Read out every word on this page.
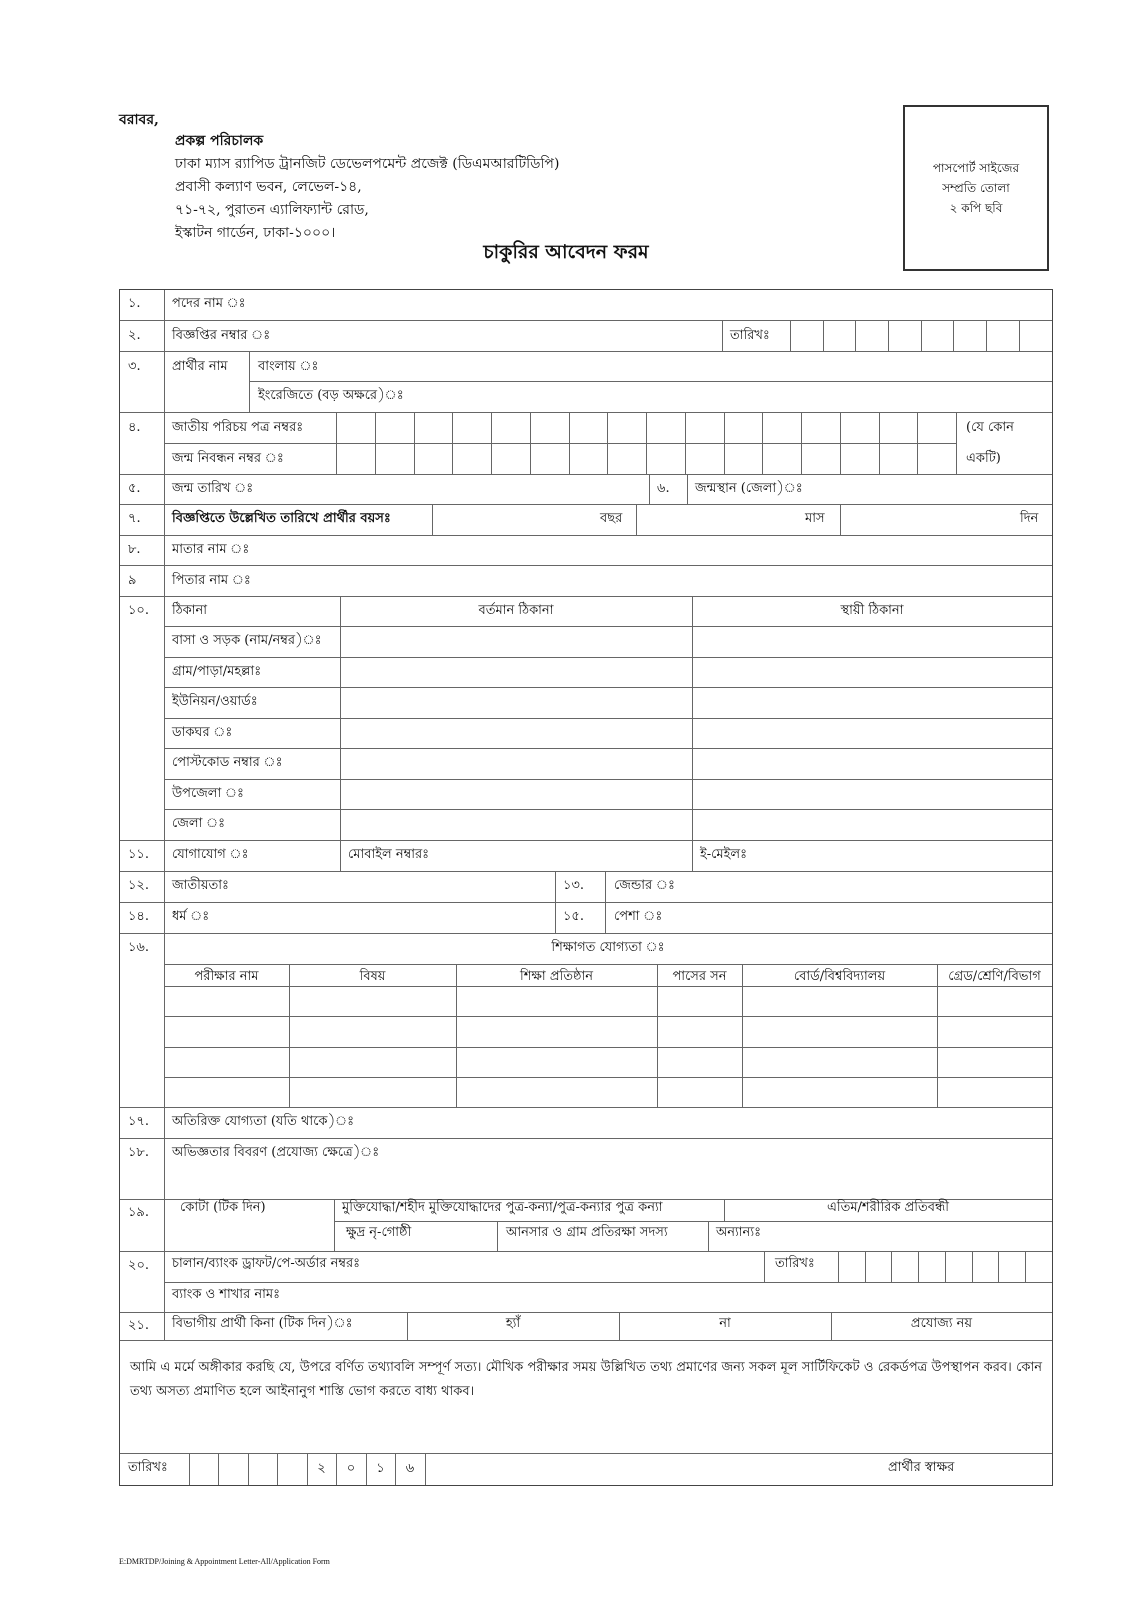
বরাবর,
প্রকল্প পরিচালক
ঢাকা ম্যাস র‍্যাপিড ট্রানজিট ডেভেলপমেন্ট প্রজেক্ট (ডিএমআরটিডিপি)
প্রবাসী কল্যাণ ভবন, লেভেল-১৪,
৭১-৭২, পুরাতন এ্যালিফ্যান্ট রোড,
ইস্কাটন গার্ডেন, ঢাকা-১০০০।
পাসপোর্ট সাইজের
সম্প্রতি তোলা
২ কপি ছবি
চাকুরির আবেদন ফরম
১. পদের নাম ঃ
২. বিজ্ঞপ্তির নম্বার ঃ	তারিখঃ
৩. প্রার্থীর নাম বাংলায় ঃ
ইংরেজিতে (বড় অক্ষরে)ঃ
৪. জাতীয় পরিচয় পত্র নম্বরঃ
জন্ম নিবন্ধন নম্বর ঃ
(যে কোন
একটি)
৫. জন্ম তারিখ ঃ	৬. জন্মস্থান (জেলা)ঃ
৭. বিজ্ঞপ্তিতে উল্লেখিত তারিখে প্রার্থীর বয়সঃ	বছর	মাস	দিন
৮. মাতার নাম ঃ
৯	পিতার নাম ঃ
১০. ঠিকানা	বর্তমান ঠিকানা	স্থায়ী ঠিকানা
বাসা ও সড়ক (নাম/নম্বর)ঃ
গ্রাম/পাড়া/মহল্লাঃ
ইউনিয়ন/ওয়ার্ডঃ
ডাকঘর ঃ
পোস্টকোড নম্বার ঃ
উপজেলা ঃ
জেলা ঃ
১১. যোগাযোগ ঃ	মোবাইল নম্বারঃ	ই-মেইলঃ
১২. জাতীয়তাঃ	১৩. জেন্ডার ঃ
১৪. ধর্ম ঃ	১৫. পেশা ঃ
১৬.	শিক্ষাগত যোগ্যতা ঃ
পরীক্ষার নাম	বিষয়	শিক্ষা প্রতিষ্ঠান	পাসের সন	বোর্ড/বিশ্ববিদ্যালয়	গ্রেড/শ্রেণি/বিভাগ
১৭. অতিরিক্ত যোগ্যতা (যতি থাকে)ঃ
১৮. অভিজ্ঞতার বিবরণ (প্রযোজ্য ক্ষেত্রে)ঃ
১৯. কোটা (টিক দিন)	মুক্তিযোদ্ধা/শহীদ মুক্তিযোদ্ধাদের পুত্র-কন্যা/পুত্র-কন্যার পুত্র কন্যা	এতিম/শরীরিক প্রতিবন্ধী
ক্ষুদ্র নৃ-গোষ্ঠী	আনসার ও গ্রাম প্রতিরক্ষা সদস্য	অন্যান্যঃ
২০. চালান/ব্যাংক ড্রাফট/পে-অর্ডার নম্বরঃ	তারিখঃ
ব্যাংক ও শাখার নামঃ
২১. বিভাগীয় প্রার্থী কিনা (টিক দিন)ঃ	হ্যাঁ	না	প্রযোজ্য নয়
আমি এ মর্মে অঙ্গীকার করছি যে, উপরে বর্ণিত তথ্যাবলি সম্পূর্ণ সত্য। মৌখিক পরীক্ষার সময় উল্লিখিত তথ্য প্রমাণের জন্য সকল মূল সার্টিফিকেট ও রেকর্ডপত্র উপস্থাপন করব। কোন তথ্য অসত্য প্রমাণিত হলে আইনানুগ শাস্তি ভোগ করতে বাধ্য থাকব।
তারিখঃ	২	০	১	৬	প্রার্থীর স্বাক্ষর
E:DMRTDP/Joining & Appointment Letter-All/Application Form
